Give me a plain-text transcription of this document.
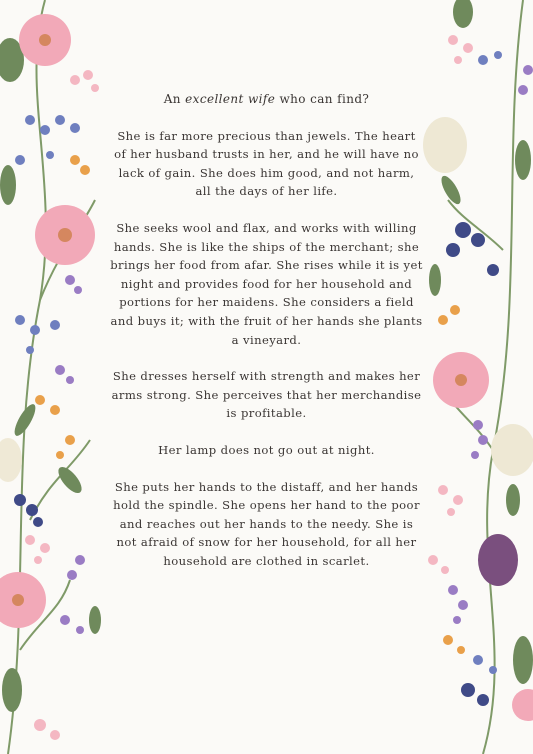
An excellent wife who can find?

She is far more precious than jewels. The heart of her husband trusts in her, and he will have no lack of gain. She does him good, and not harm, all the days of her life.

She seeks wool and flax, and works with willing hands. She is like the ships of the merchant; she brings her food from afar. She rises while it is yet night and provides food for her household and portions for her maidens. She considers a field and buys it; with the fruit of her hands she plants a vineyard.

She dresses herself with strength and makes her arms strong. She perceives that her merchandise is profitable.

Her lamp does not go out at night.

She puts her hands to the distaff, and her hands hold the spindle. She opens her hand to the poor and reaches out her hands to the needy. She is not afraid of snow for her household, for all her household are clothed in scarlet.
